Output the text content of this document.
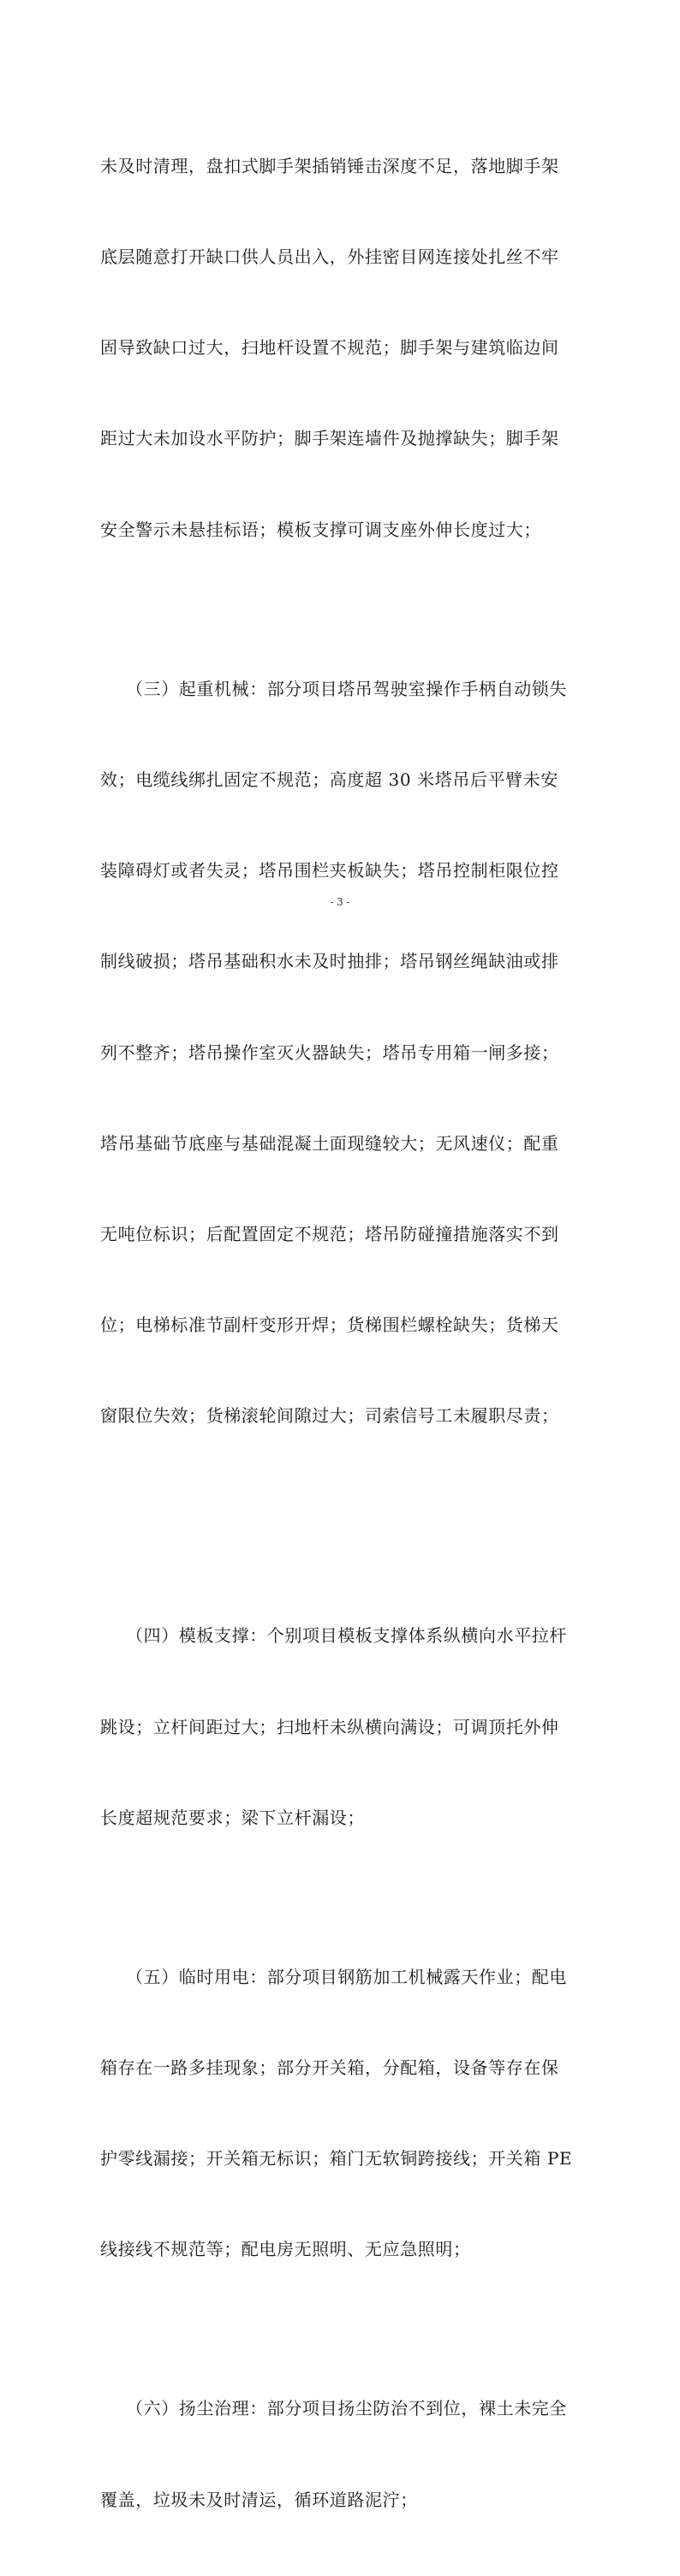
未及时清理，盘扣式脚手架插销锤击深度不足，落地脚手架

底层随意打开缺口供人员出入，外挂密目网连接处扎丝不牢

固导致缺口过大，扫地杆设置不规范；脚手架与建筑临边间

距过大未加设水平防护；脚手架连墙件及抛撑缺失；脚手架

安全警示未悬挂标语；模板支撑可调支座外伸长度过大；

（三）起重机械：部分项目塔吊驾驶室操作手柄自动锁失

效；电缆线绑扎固定不规范；高度超 30 米塔吊后平臂未安

装障碍灯或者失灵；塔吊围栏夹板缺失；塔吊控制柜限位控

制线破损；塔吊基础积水未及时抽排；塔吊钢丝绳缺油或排

列不整齐；塔吊操作室灭火器缺失；塔吊专用箱一闸多接；

塔吊基础节底座与基础混凝土面现缝较大；无风速仪；配重

无吨位标识；后配置固定不规范；塔吊防碰撞措施落实不到

位；电梯标准节副杆变形开焊；货梯围栏螺栓缺失；货梯天

窗限位失效；货梯滚轮间隙过大；司索信号工未履职尽责；

（四）模板支撑：个别项目模板支撑体系纵横向水平拉杆

跳设；立杆间距过大；扫地杆未纵横向满设；可调顶托外伸

长度超规范要求；梁下立杆漏设；

（五）临时用电：部分项目钢筋加工机械露天作业；配电

箱存在一路多挂现象；部分开关箱，分配箱，设备等存在保

护零线漏接；开关箱无标识；箱门无软铜跨接线；开关箱 PE

线接线不规范等；配电房无照明、无应急照明；

（六）扬尘治理：部分项目扬尘防治不到位，裸土未完全

覆盖，垃圾未及时清运，循环道路泥泞；

- 3 -
